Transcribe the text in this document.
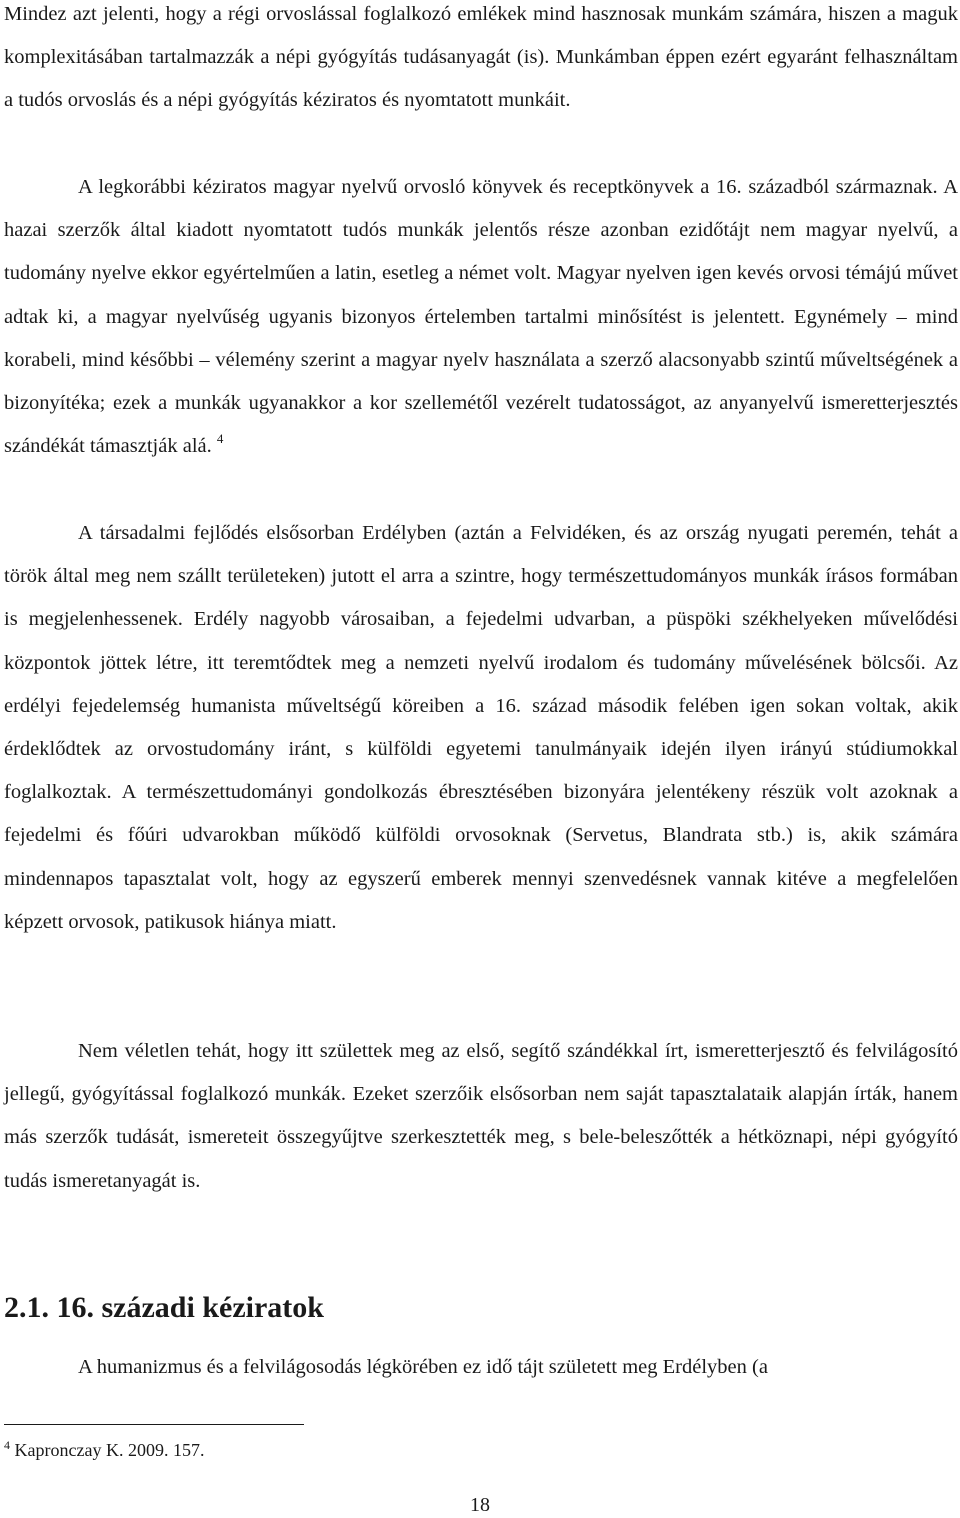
Mindez azt jelenti, hogy a régi orvoslással foglalkozó emlékek mind hasznosak munkám számára, hiszen a maguk komplexitásában tartalmazzák a népi gyógyítás tudásanyagát (is). Munkámban éppen ezért egyaránt felhasználtam a tudós orvoslás és a népi gyógyítás kéziratos és nyomtatott munkáit.

A legkorábbi kéziratos magyar nyelvű orvosló könyvek és receptkönyvek a 16. századból származnak. A hazai szerzők által kiadott nyomtatott tudós munkák jelentős része azonban ezidőtájt nem magyar nyelvű, a tudomány nyelve ekkor egyértelműen a latin, esetleg a német volt. Magyar nyelven igen kevés orvosi témájú művet adtak ki, a magyar nyelvűség ugyanis bizonyos értelemben tartalmi minősítést is jelentett. Egynémely – mind korabeli, mind későbbi – vélemény szerint a magyar nyelv használata a szerző alacsonyabb szintű műveltségének a bizonyítéka; ezek a munkák ugyanakkor a kor szellemétől vezérelt tudatosságot, az anyanyelvű ismeretterjesztés szándékát támasztják alá. $^4$

A társadalmi fejlődés elsősorban Erdélyben (aztán a Felvidéken, és az ország nyugati peremén, tehát a török által meg nem szállt területeken) jutott el arra a szintre, hogy természettudományos munkák írásos formában is megjelenhessenek. Erdély nagyobb városaiban, a fejedelmi udvarban, a püspöki székhelyeken művelődési központok jöttek létre, itt teremtődtek meg a nemzeti nyelvű irodalom és tudomány művelésének bölcsői. Az erdélyi fejedelemség humanista műveltségű köreiben a 16. század második felében igen sokan voltak, akik érdeklődtek az orvostudomány iránt, s külföldi egyetemi tanulmányaik idején ilyen irányú stúdiumokkal foglalkoztak. A természettudományi gondolkozás ébresztésében bizonyára jelentékeny részük volt azoknak a fejedelmi és főúri udvarokban működő külföldi orvosoknak (Servetus, Blandrata stb.) is, akik számára mindennapos tapasztalat volt, hogy az egyszerű emberek mennyi szenvedésnek vannak kitéve a megfelelően képzett orvosok, patikusok hiánya miatt.

Nem véletlen tehát, hogy itt születtek meg az első, segítő szándékkal írt, ismeretterjesztő és felvilágosító jellegű, gyógyítással foglalkozó munkák. Ezeket szerzőik elsősorban nem saját tapasztalataik alapján írták, hanem más szerzők tudását, ismereteit összegyűjtve szerkesztették meg, s bele-beleszőtték a hétköznapi, népi gyógyító tudás ismeretanyagát is.

2.1. 16. századi kéziratok

A humanizmus és a felvilágosodás légkörében ez idő tájt született meg Erdélyben (a

$^4$ Kapronczay K. 2009. 157.

18
